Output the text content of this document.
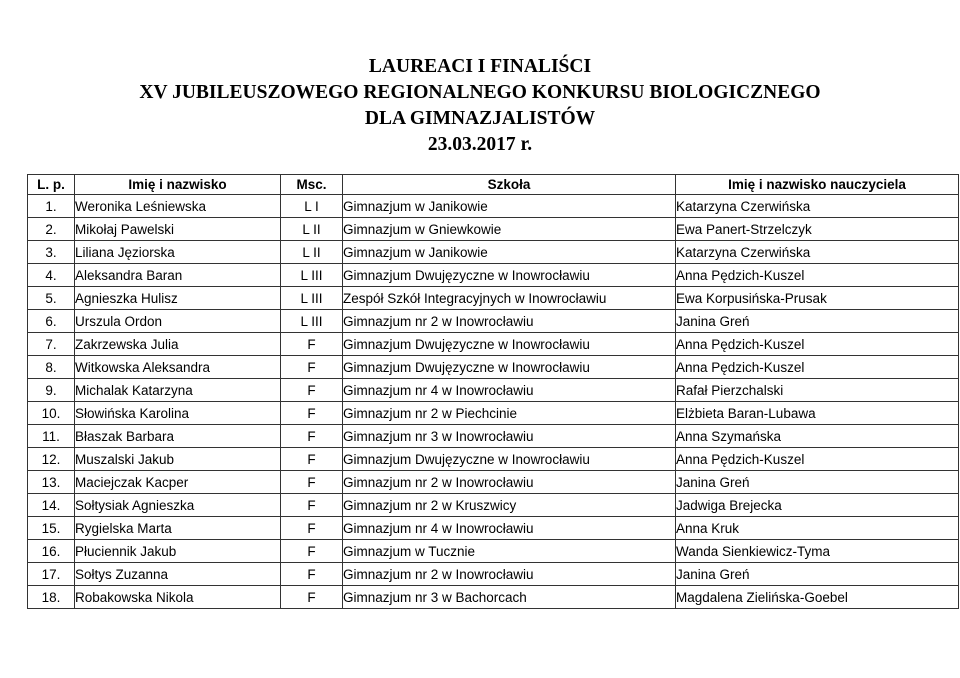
LAUREACI I FINALIŚCI
XV JUBILEUSZOWEGO REGIONALNEGO KONKURSU BIOLOGICZNEGO
DLA GIMNAZJALISTÓW
23.03.2017 r.
L. p.	Imię i nazwisko	Msc.	Szkoła	Imię i nazwisko nauczyciela
1.	Weronika Leśniewska	L I	Gimnazjum w Janikowie	Katarzyna Czerwińska
2.	Mikołaj Pawelski	L II	Gimnazjum w Gniewkowie	Ewa Panert-Strzelczyk
3.	Liliana Jęziorska	L II	Gimnazjum w Janikowie	Katarzyna Czerwińska
4.	Aleksandra Baran	L III	Gimnazjum Dwujęzyczne w Inowrocławiu	Anna Pędzich-Kuszel
5.	Agnieszka Hulisz	L III	Zespół Szkół Integracyjnych w Inowrocławiu	Ewa Korpusińska-Prusak
6.	Urszula Ordon	L III	Gimnazjum nr 2 w Inowrocławiu	Janina Greń
7.	Zakrzewska Julia	F	Gimnazjum Dwujęzyczne w Inowrocławiu	Anna Pędzich-Kuszel
8.	Witkowska Aleksandra	F	Gimnazjum Dwujęzyczne w Inowrocławiu	Anna Pędzich-Kuszel
9.	Michalak Katarzyna	F	Gimnazjum nr 4 w Inowrocławiu	Rafał Pierzchalski
10.	Słowińska Karolina	F	Gimnazjum nr 2 w Piechcinie	Elżbieta Baran-Lubawa
11.	Błaszak Barbara	F	Gimnazjum nr 3 w Inowrocławiu	Anna Szymańska
12.	Muszalski Jakub	F	Gimnazjum Dwujęzyczne w Inowrocławiu	Anna Pędzich-Kuszel
13.	Maciejczak Kacper	F	Gimnazjum nr 2 w Inowrocławiu	Janina Greń
14.	Sołtysiak Agnieszka	F	Gimnazjum nr 2 w Kruszwicy	Jadwiga Brejecka
15.	Rygielska Marta	F	Gimnazjum nr 4 w Inowrocławiu	Anna Kruk
16.	Płuciennik Jakub	F	Gimnazjum w Tucznie	Wanda Sienkiewicz-Tyma
17.	Sołtys Zuzanna	F	Gimnazjum nr 2 w Inowrocławiu	Janina Greń
18.	Robakowska Nikola	F	Gimnazjum nr 3 w Bachorcach	Magdalena Zielińska-Goebel
